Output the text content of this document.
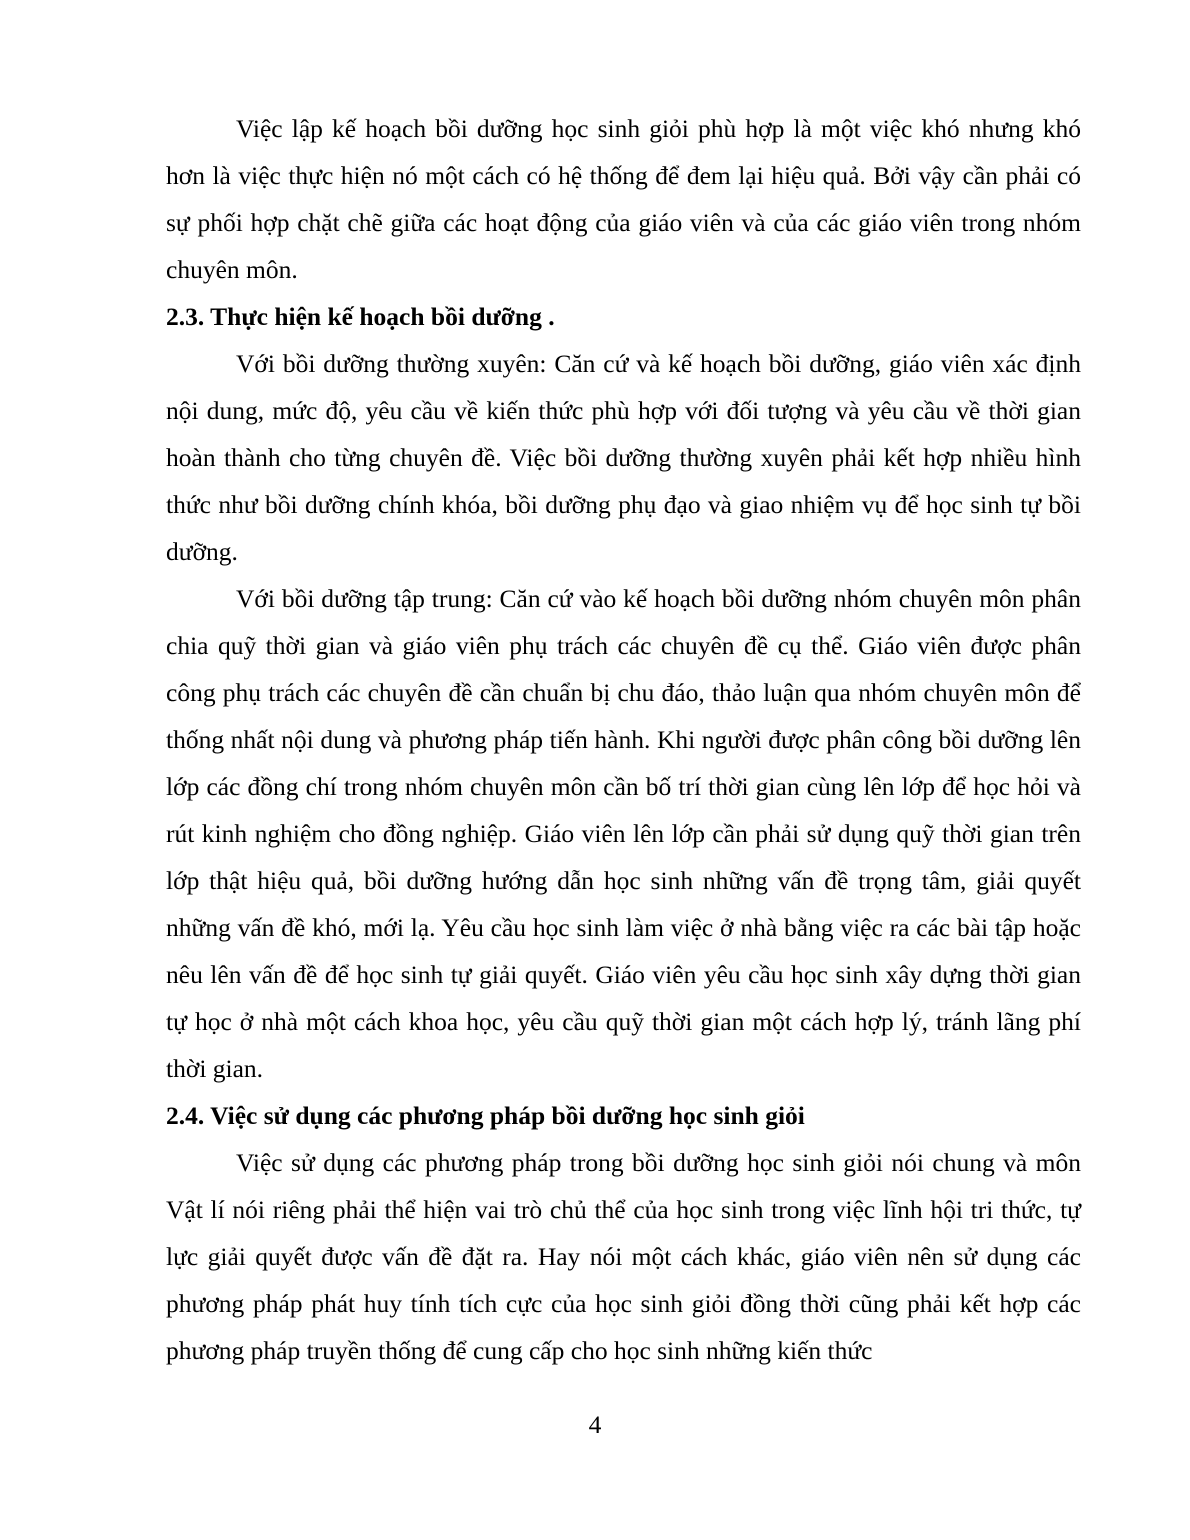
Việc lập kế hoạch bồi dưỡng học sinh giỏi phù hợp là một việc khó nhưng khó hơn là việc thực hiện nó một cách có hệ thống để đem lại hiệu quả. Bởi vậy cần phải có sự phối hợp chặt chẽ giữa các hoạt động của giáo viên và của các giáo viên trong nhóm chuyên môn.

2.3. Thực hiện kế hoạch bồi dưỡng .

Với bồi dưỡng thường xuyên: Căn cứ và kế hoạch bồi dưỡng, giáo viên xác định nội dung, mức độ, yêu cầu về kiến thức phù hợp với đối tượng và yêu cầu về thời gian hoàn thành cho từng chuyên đề. Việc bồi dưỡng thường xuyên phải kết hợp nhiều hình thức như bồi dưỡng chính khóa, bồi dưỡng phụ đạo và giao nhiệm vụ để học sinh tự bồi dưỡng.

Với bồi dưỡng tập trung: Căn cứ vào kế hoạch bồi dưỡng nhóm chuyên môn phân chia quỹ thời gian và giáo viên phụ trách các chuyên đề cụ thể. Giáo viên được phân công phụ trách các chuyên đề cần chuẩn bị chu đáo, thảo luận qua nhóm chuyên môn để thống nhất nội dung và phương pháp tiến hành. Khi người được phân công bồi dưỡng lên lớp các đồng chí trong nhóm chuyên môn cần bố trí thời gian cùng lên lớp để học hỏi và rút kinh nghiệm cho đồng nghiệp. Giáo viên lên lớp cần phải sử dụng quỹ thời gian trên lớp thật hiệu quả, bồi dưỡng hướng dẫn học sinh những vấn đề trọng tâm, giải quyết những vấn đề khó, mới lạ. Yêu cầu học sinh làm việc ở nhà bằng việc ra các bài tập hoặc nêu lên vấn đề để học sinh tự giải quyết. Giáo viên yêu cầu học sinh xây dựng thời gian tự học ở nhà một cách khoa học, yêu cầu quỹ thời gian một cách hợp lý, tránh lãng phí thời gian.

2.4. Việc sử dụng các phương pháp bồi dưỡng học sinh giỏi

Việc sử dụng các phương pháp trong bồi dưỡng học sinh giỏi nói chung và môn Vật lí nói riêng phải thể hiện vai trò chủ thể của học sinh trong việc lĩnh hội tri thức, tự lực giải quyết được vấn đề đặt ra. Hay nói một cách khác, giáo viên nên sử dụng các phương pháp phát huy tính tích cực của học sinh giỏi đồng thời cũng phải kết hợp các phương pháp truyền thống để cung cấp cho học sinh những kiến thức

4
